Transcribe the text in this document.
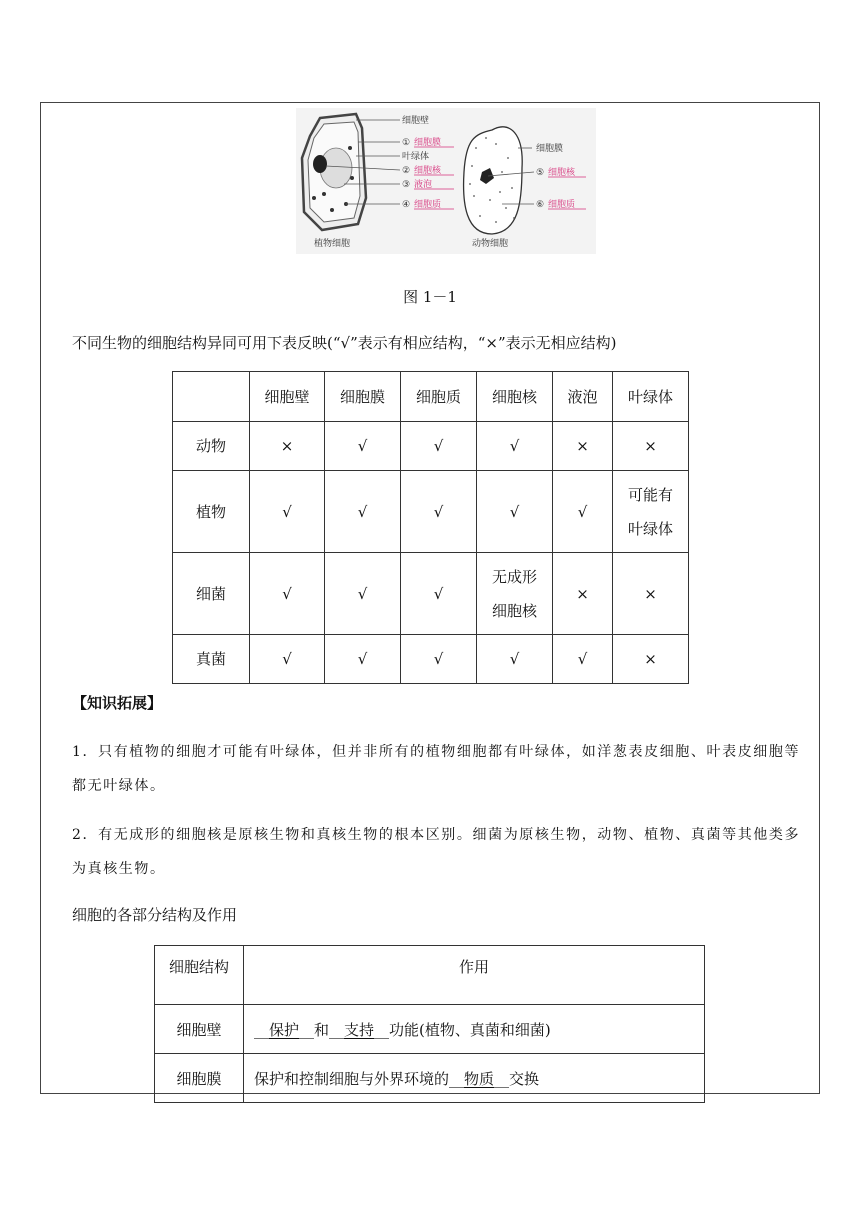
细胞壁
① 细胞膜
叶绿体
② 细胞核
③ 液泡
④ 细胞质
植物细胞
细胞膜
⑤ 细胞核
⑥ 细胞质
动物细胞
图 1－1
不同生物的细胞结构异同可用下表反映(“√”表示有相应结构，“×”表示无相应结构)
	细胞壁	细胞膜	细胞质	细胞核	液泡	叶绿体
动物	×	√	√	√	×	×
植物	√	√	√	√	√	可能有叶绿体
细菌	√	√	√	无成形细胞核	×	×
真菌	√	√	√	√	√	×
【知识拓展】
1．只有植物的细胞才可能有叶绿体，但并非所有的植物细胞都有叶绿体，如洋葱表皮细胞、叶表皮细胞等都无叶绿体。
2．有无成形的细胞核是原核生物和真核生物的根本区别。细菌为原核生物，动物、植物、真菌等其他类多为真核生物。
细胞的各部分结构及作用
细胞结构	作用
细胞壁	__保护__和__支持__功能(植物、真菌和细菌)
细胞膜	保护和控制细胞与外界环境的__物质__交换
